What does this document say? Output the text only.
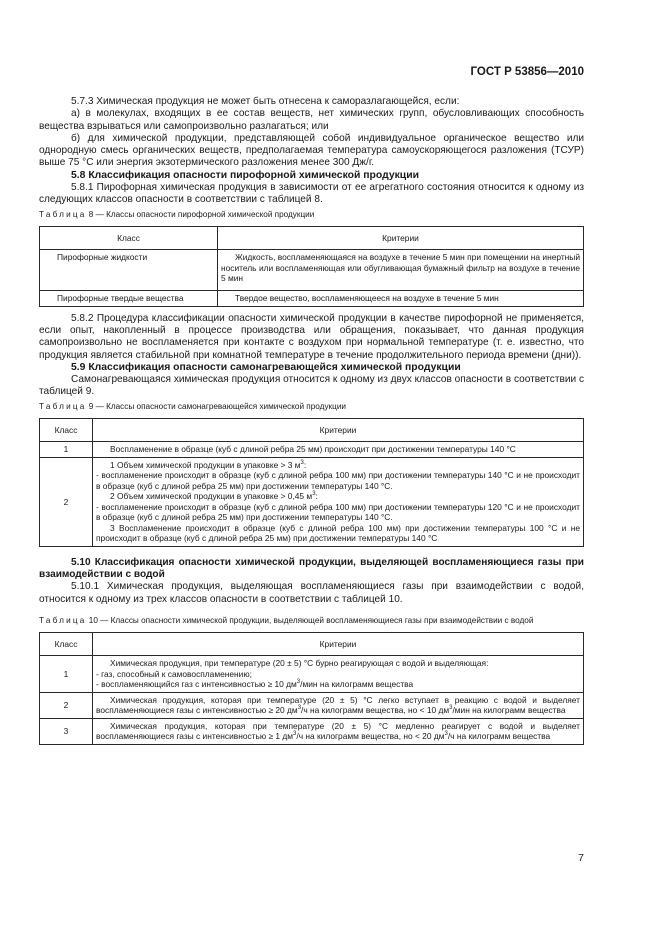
ГОСТ Р 53856—2010

5.7.3 Химическая продукция не может быть отнесена к саморазлагающейся, если:

а) в молекулах, входящих в ее состав веществ, нет химических групп, обусловливающих способность вещества взрываться или самопроизвольно разлагаться; или

б) для химической продукции, представляющей собой индивидуальное органическое вещество или однородную смесь органических веществ, предполагаемая температура самоускоряющегося разложения (ТСУР) выше 75 °С или энергия экзотермического разложения менее 300 Дж/г.

5.8 Классификация опасности пирофорной химической продукции

5.8.1 Пирофорная химическая продукция в зависимости от ее агрегатного состояния относится к одному из следующих классов опасности в соответствии с таблицей 8.

Таблица 8 — Классы опасности пирофорной химической продукции
Класс	Критерии
Пирофорные жидкости	Жидкость, воспламеняющаяся на воздухе в течение 5 мин при помещении на инертный носитель или воспламеняющая или обугливающая бумажный фильтр на воздухе в течение 5 мин
Пирофорные твердые вещества	Твердое вещество, воспламеняющееся на воздухе в течение 5 мин

5.8.2 Процедура классификации опасности химической продукции в качестве пирофорной не применяется, если опыт, накопленный в процессе производства или обращения, показывает, что данная продукция самопроизвольно не воспламеняется при контакте с воздухом при нормальной температуре (т. е. известно, что продукция является стабильной при комнатной температуре в течение продолжительного периода времени (дни)).

5.9 Классификация опасности самонагревающейся химической продукции

Самонагревающаяся химическая продукция относится к одному из двух классов опасности в соответствии с таблицей 9.

Таблица 9 — Классы опасности самонагревающейся химической продукции
Класс	Критерии
1	Воспламенение в образце (куб с длиной ребра 25 мм) происходит при достижении температуры 140 °С
2	1 Объем химической продукции в упаковке > 3 $м^3$:
- воспламенение происходит в образце (куб с длиной ребра 100 мм) при достижении температуры 140 °С и не происходит в образце (куб с длиной ребра 25 мм) при достижении температуры 140 °С.
2 Объем химической продукции в упаковке > 0,45 $м^3$:
- воспламенение происходит в образце (куб с длиной ребра 100 мм) при достижении температуры 120 °С и не происходит в образце (куб с длиной ребра 25 мм) при достижении температуры 140 °С.
3 Воспламенение происходит в образце (куб с длиной ребра 100 мм) при достижении температуры 100 °С и не происходит в образце (куб с длиной ребра 25 мм) при достижении температуры 140 °С

5.10 Классификация опасности химической продукции, выделяющей воспламеняющиеся газы при взаимодействии с водой

5.10.1 Химическая продукция, выделяющая воспламеняющиеся газы при взаимодействии с водой, относится к одному из трех классов опасности в соответствии с таблицей 10.

Таблица 10 — Классы опасности химической продукции, выделяющей воспламеняющиеся газы при взаимодействии с водой
Класс	Критерии
1	Химическая продукция, при температуре (20 ± 5) °С бурно реагирующая с водой и выделяющая:
- газ, способный к самовоспламенению;
- воспламеняющийся газ с интенсивностью ≥ 10 $дм^3$/мин на килограмм вещества

2	Химическая продукция, которая при температуре (20 ± 5) °С легко вступает в реакцию с водой и выделяет воспламеняющиеся газы с интенсивностью ≥ 20 $дм^3/ч$ на килограмм вещества, но < 10 $дм^3$/мин на килограмм вещества
3	Химическая продукция, которая при температуре (20 ± 5) °С медленно реагирует с водой и выделяет воспламеняющиеся газы с интенсивностью ≥ 1 $дм^3/ч$ на килограмм вещества, но < 20 $дм^3/ч$ на килограмм вещества
7
